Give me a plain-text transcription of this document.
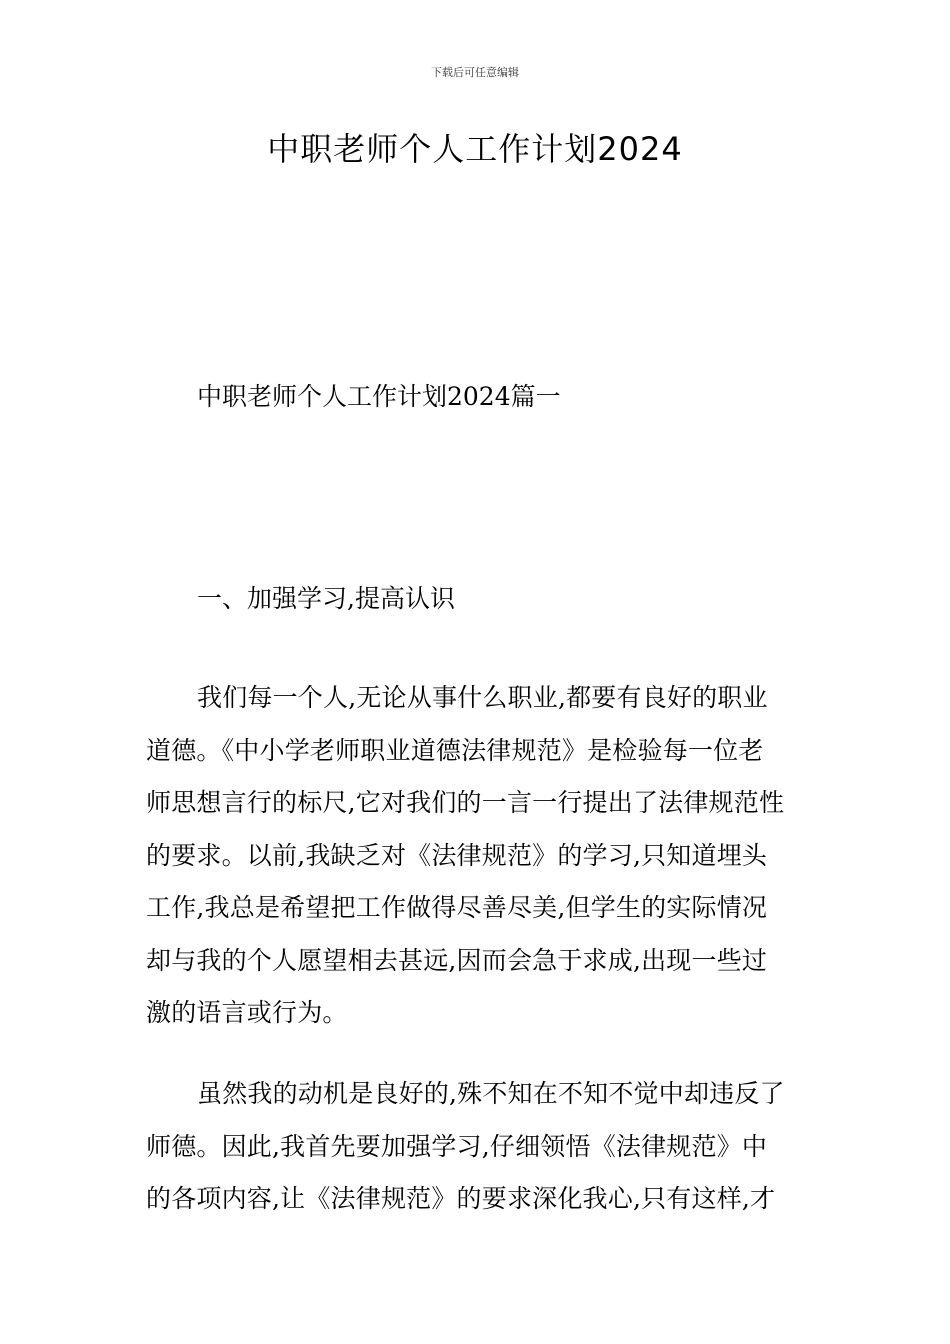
下载后可任意编辑
中职老师个人工作计划2024
中职老师个人工作计划2024篇一
一、加强学习,提高认识
我们每一个人,无论从事什么职业,都要有良好的职业
道德。《中小学老师职业道德法律规范》是检验每一位老
师思想言行的标尺,它对我们的一言一行提出了法律规范性
的要求。以前,我缺乏对《法律规范》的学习,只知道埋头
工作,我总是希望把工作做得尽善尽美,但学生的实际情况
却与我的个人愿望相去甚远,因而会急于求成,出现一些过
激的语言或行为。
虽然我的动机是良好的,殊不知在不知不觉中却违反了
师德。因此,我首先要加强学习,仔细领悟《法律规范》中
的各项内容,让《法律规范》的要求深化我心,只有这样,才
